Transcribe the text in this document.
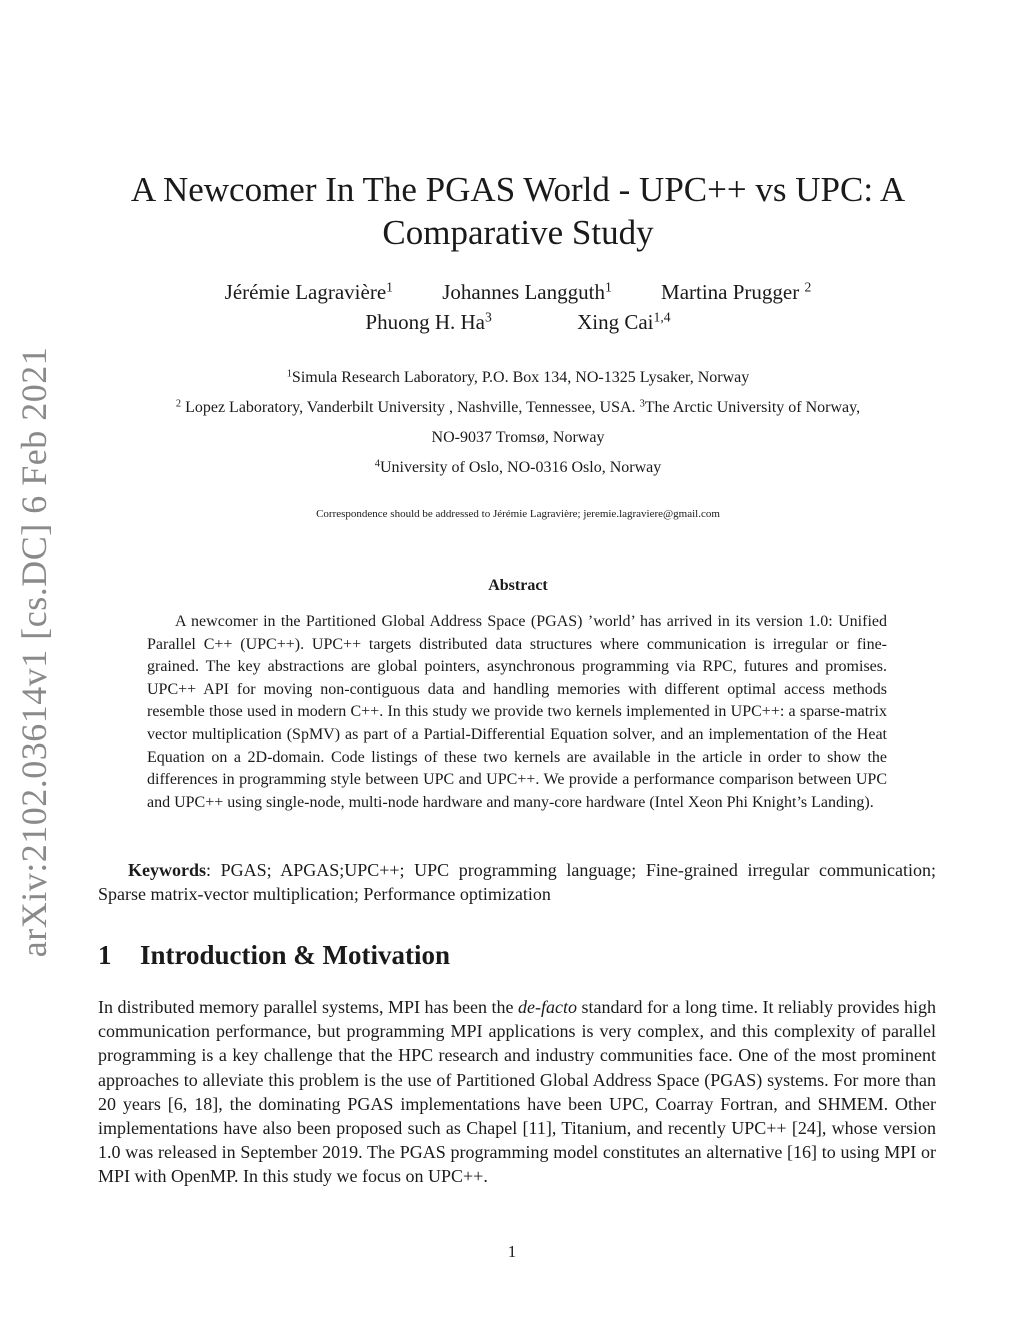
arXiv:2102.03614v1 [cs.DC] 6 Feb 2021
A Newcomer In The PGAS World - UPC++ vs UPC: A Comparative Study
Jérémie Lagravière$^1$ Johannes Langguth$^1$ Martina Prugger $^2$
Phuong H. Ha$^3$	Xing Cai$^{1,4}$
$^1$Simula Research Laboratory, P.O. Box 134, NO-1325 Lysaker, Norway
$^2$ Lopez Laboratory, Vanderbilt University , Nashville, Tennessee, USA. $^3$The Arctic University of Norway,
NO-9037 Tromsø, Norway
$^4$University of Oslo, NO-0316 Oslo, Norway
Correspondence should be addressed to Jérémie Lagravière; jeremie.lagraviere@gmail.com
Abstract
A newcomer in the Partitioned Global Address Space (PGAS) ’world’ has arrived in its version 1.0: Unified Parallel C++ (UPC++). UPC++ targets distributed data structures where communication is irregular or fine-grained. The key abstractions are global pointers, asynchronous programming via RPC, futures and promises. UPC++ API for moving non-contiguous data and handling memories with different optimal access methods resemble those used in modern C++. In this study we provide two kernels implemented in UPC++: a sparse-matrix vector multiplication (SpMV) as part of a Partial-Differential Equation solver, and an implementation of the Heat Equation on a 2D-domain. Code listings of these two kernels are available in the article in order to show the differences in programming style between UPC and UPC++. We provide a performance comparison between UPC and UPC++ using single-node, multi-node hardware and many-core hardware (Intel Xeon Phi Knight’s Landing).
Keywords: PGAS; APGAS;UPC++; UPC programming language; Fine-grained irregular communication; Sparse matrix-vector multiplication; Performance optimization
1 Introduction & Motivation
In distributed memory parallel systems, MPI has been the de-facto standard for a long time. It reliably provides high communication performance, but programming MPI applications is very complex, and this complexity of parallel programming is a key challenge that the HPC research and industry communities face. One of the most prominent approaches to alleviate this problem is the use of Partitioned Global Address Space (PGAS) systems. For more than 20 years [6, 18], the dominating PGAS implementations have been UPC, Coarray Fortran, and SHMEM. Other implementations have also been proposed such as Chapel [11], Titanium, and recently UPC++ [24], whose version 1.0 was released in September 2019. The PGAS programming model constitutes an alternative [16] to using MPI or MPI with OpenMP. In this study we focus on UPC++.
1
